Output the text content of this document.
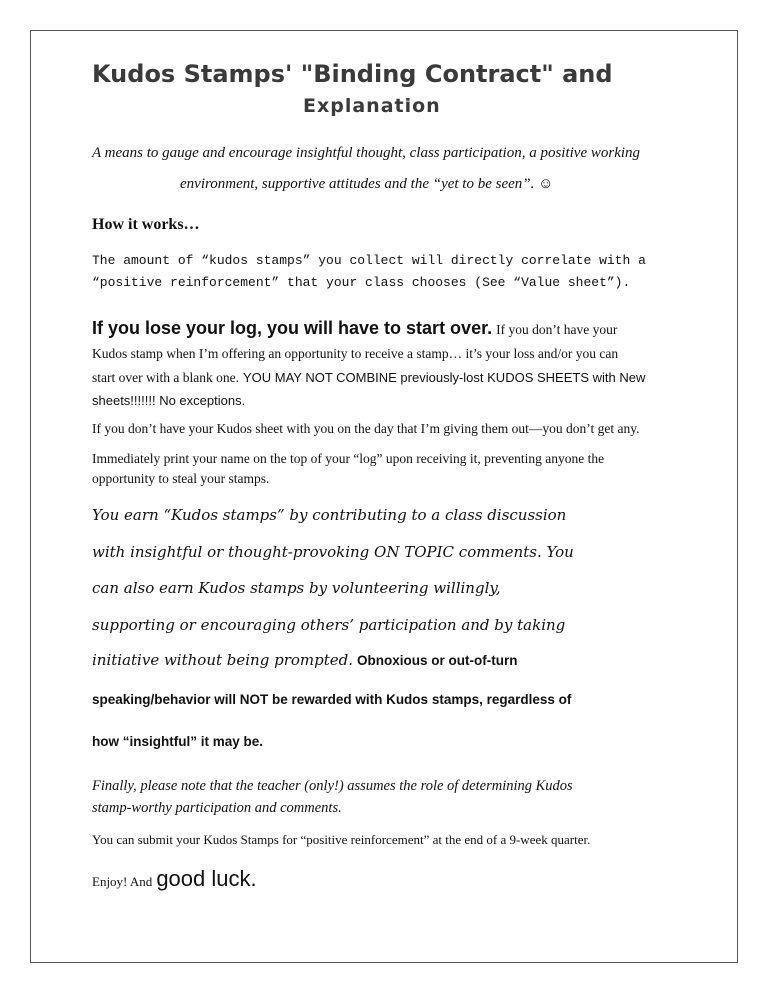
Kudos Stamps' "Binding Contract" and

Explanation

A means to gauge and encourage insightful thought, class participation, a positive working

environment, supportive attitudes and the “yet to be seen”. ☺

How it works…

The amount of “kudos stamps” you collect will directly correlate with a

“positive reinforcement” that your class chooses (See “Value sheet”).

If you lose your log, you will have to start over. If you don’t have your

Kudos stamp when I’m offering an opportunity to receive a stamp… it’s your loss and/or you can

start over with a blank one. YOU MAY NOT COMBINE previously-lost KUDOS SHEETS with New

sheets!!!!!!! No exceptions.

If you don’t have your Kudos sheet with you on the day that I’m giving them out—you don’t get any.

Immediately print your name on the top of your “log” upon receiving it, preventing anyone the

opportunity to steal your stamps.

You earn “Kudos stamps” by contributing to a class discussion

with insightful or thought-provoking ON TOPIC comments. You

can also earn Kudos stamps by volunteering willingly,

supporting or encouraging others’ participation and by taking

initiative without being prompted. Obnoxious or out-of-turn

speaking/behavior will NOT be rewarded with Kudos stamps, regardless of

how “insightful” it may be.

Finally, please note that the teacher (only!) assumes the role of determining Kudos

stamp-worthy participation and comments.

You can submit your Kudos Stamps for “positive reinforcement” at the end of a 9-week quarter.

Enjoy! And good luck.
